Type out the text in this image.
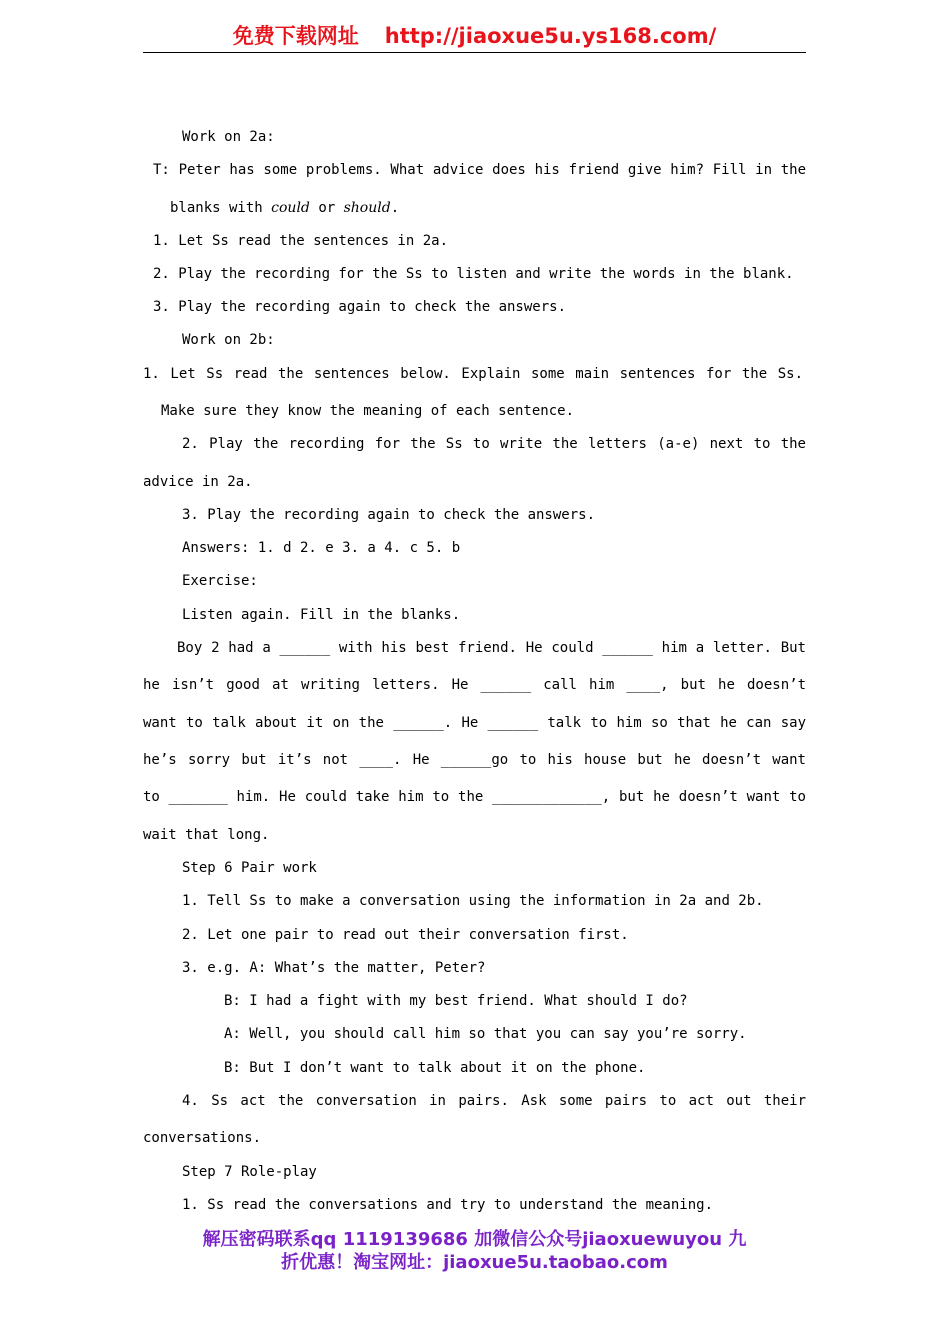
免费下载网址 http://jiaoxue5u.ys168.com/
Work on 2a:
T: Peter has some problems. What advice does his friend give him? Fill in the
blanks with could or should.
1. Let Ss read the sentences in 2a.
2. Play the recording for the Ss to listen and write the words in the blank.
3. Play the recording again to check the answers.
Work on 2b:
1. Let Ss read the sentences below. Explain some main sentences for the Ss.
Make sure they know the meaning of each sentence.
2. Play the recording for the Ss to write the letters (a-e) next to the
advice in 2a.
3. Play the recording again to check the answers.
Answers: 1. d 2. e 3. a 4. c 5. b
Exercise:
Listen again. Fill in the blanks.
Boy 2 had a ______ with his best friend. He could ______ him a letter. But
he isn’t good at writing letters. He ______ call him ____, but he doesn’t
want to talk about it on the ______. He ______ talk to him so that he can say
he’s sorry but it’s not ____. He ______go to his house but he doesn’t want
to _______ him. He could take him to the _____________, but he doesn’t want to
wait that long.
Step 6 Pair work
1. Tell Ss to make a conversation using the information in 2a and 2b.
2. Let one pair to read out their conversation first.
3. e.g. A: What’s the matter, Peter?
B: I had a fight with my best friend. What should I do?
A: Well, you should call him so that you can say you’re sorry.
B: But I don’t want to talk about it on the phone.
4. Ss act the conversation in pairs. Ask some pairs to act out their
conversations.
Step 7 Role-play
1. Ss read the conversations and try to understand the meaning.
解压密码联系qq 1119139686 加微信公众号jiaoxuewuyou 九
折优惠！淘宝网址：jiaoxue5u.taobao.com
